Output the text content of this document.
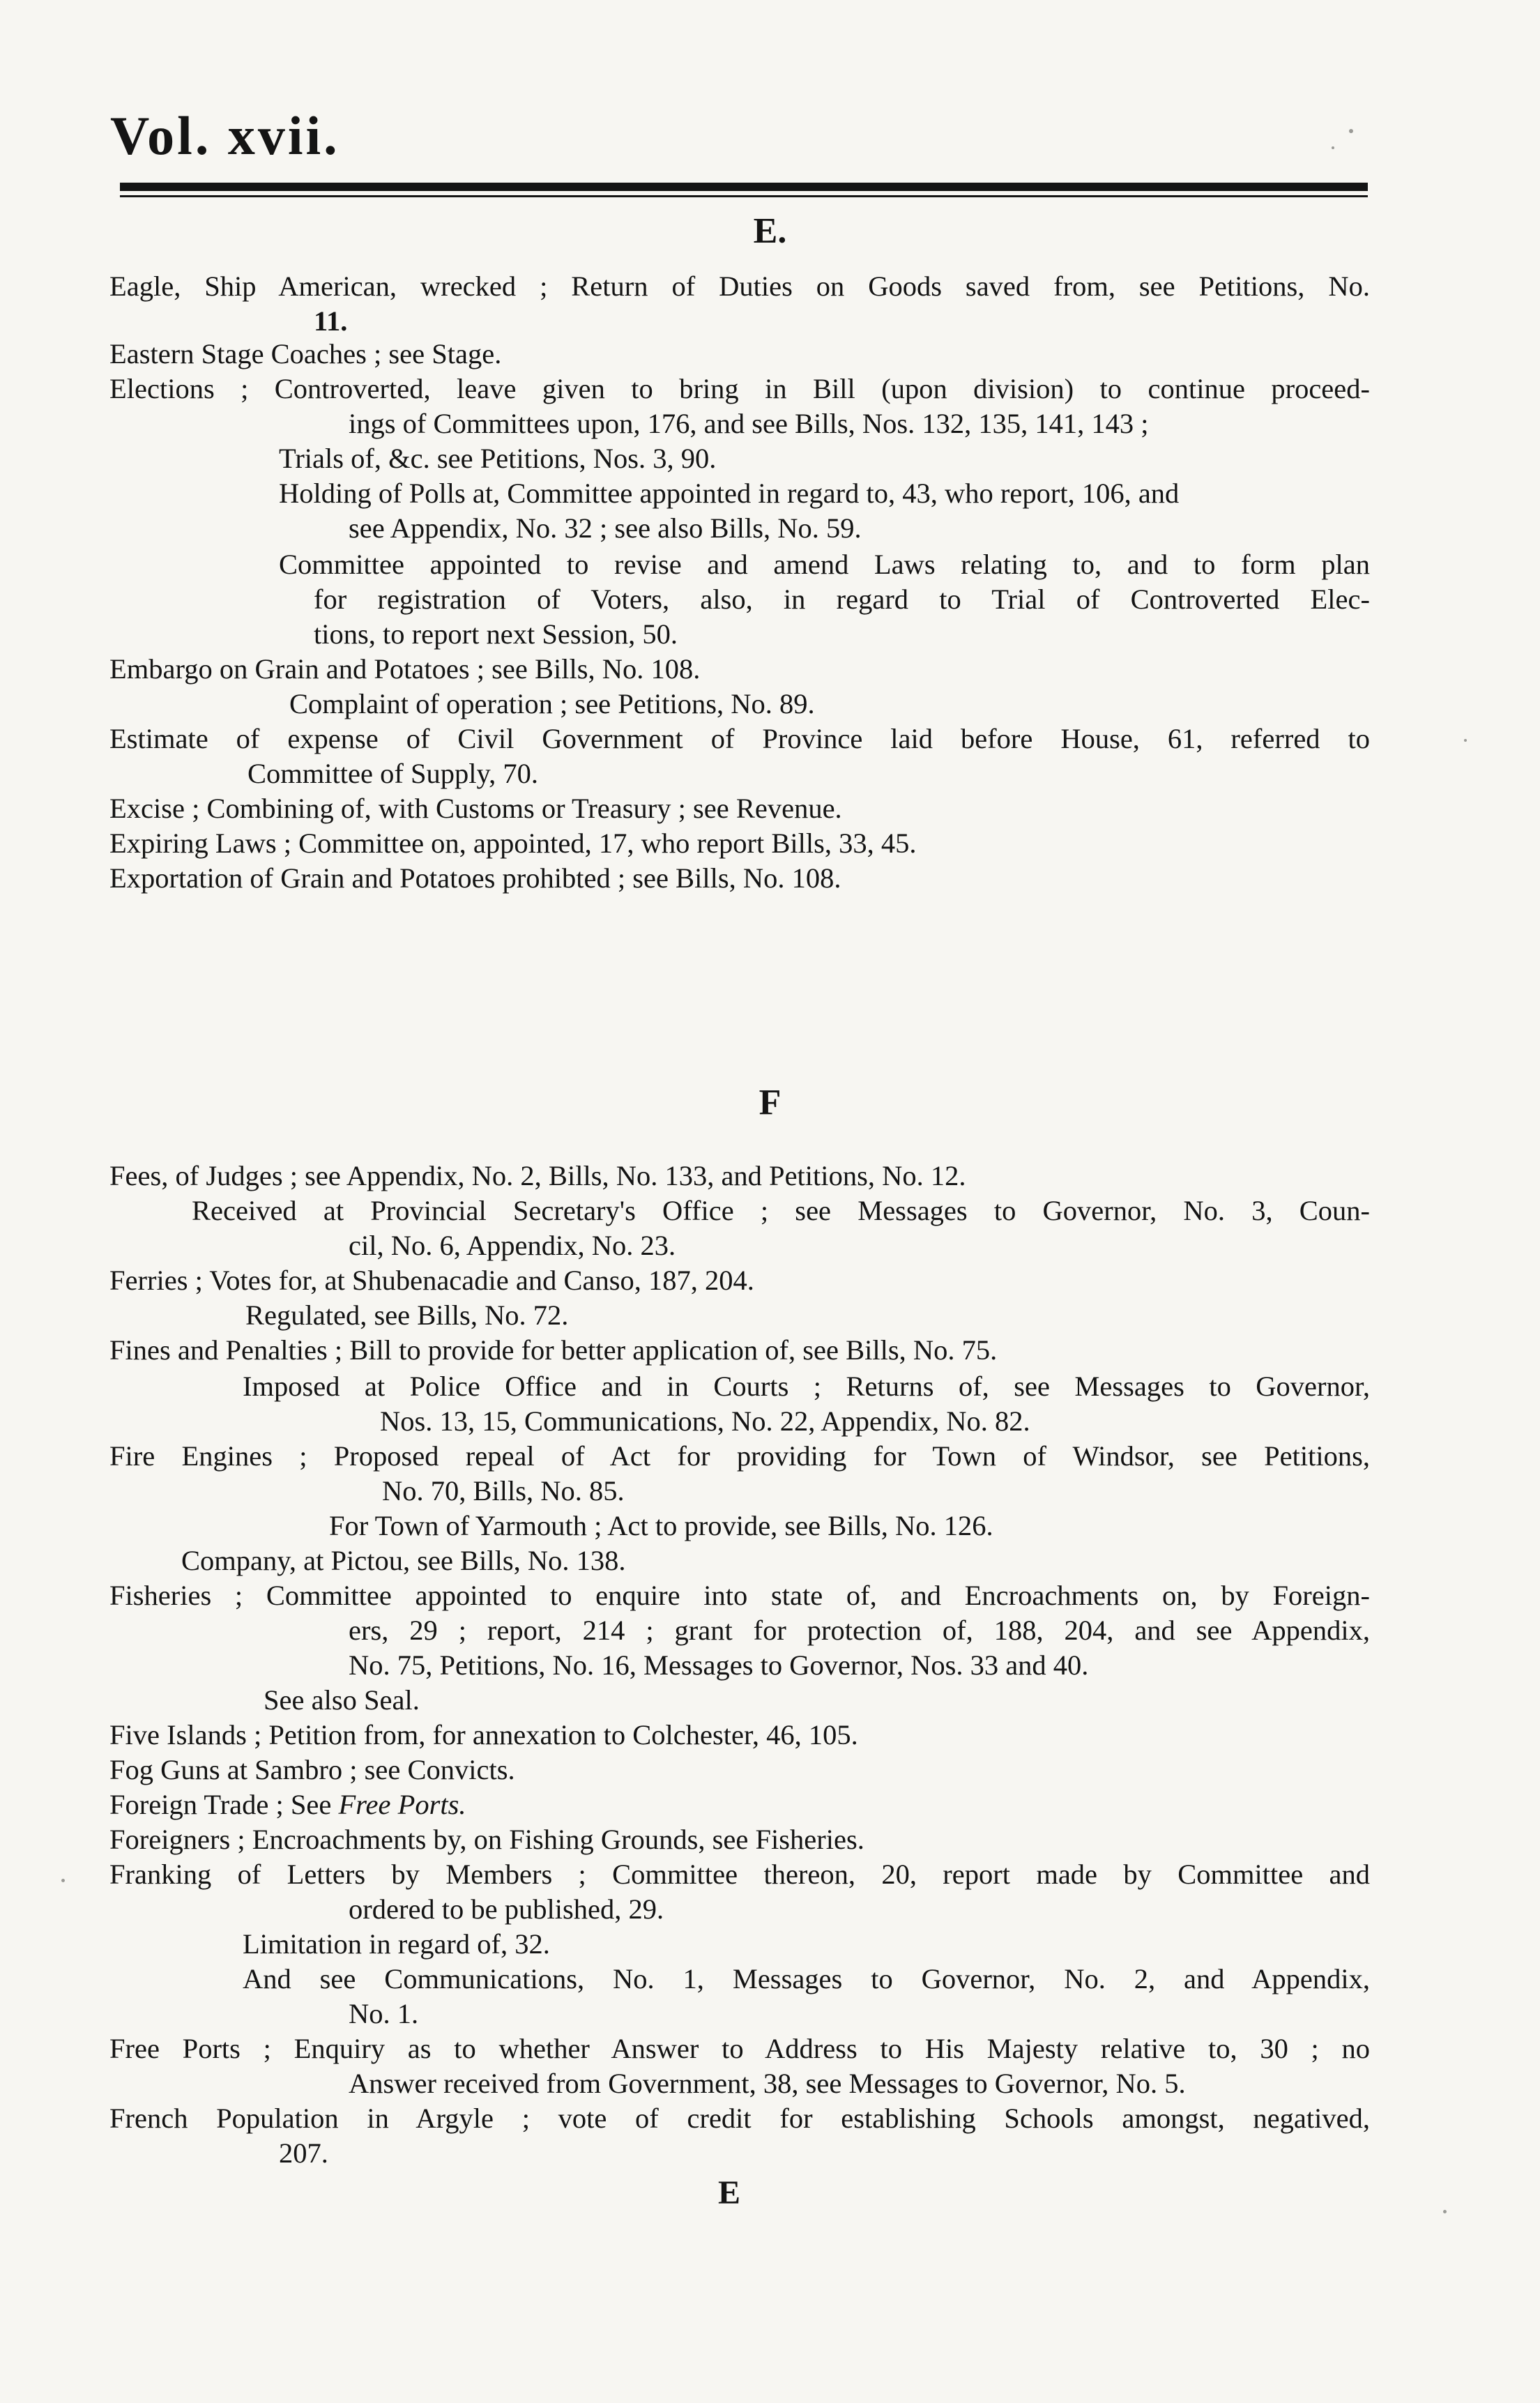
Vol. xvii.
E.
Eagle, Ship American, wrecked ; Return of Duties on Goods saved from, see Petitions, No.
11.
Eastern Stage Coaches ; see Stage.
Elections ; Controverted, leave given to bring in Bill (upon division) to continue proceed-
ings of Committees upon, 176, and see Bills, Nos. 132, 135, 141, 143 ;
Trials of, &c. see Petitions, Nos. 3, 90.
Holding of Polls at, Committee appointed in regard to, 43, who report, 106, and
see Appendix, No. 32 ; see also Bills, No. 59.
Committee appointed to revise and amend Laws relating to, and to form plan
for registration of Voters, also, in regard to Trial of Controverted Elec-
tions, to report next Session, 50.
Embargo on Grain and Potatoes ; see Bills, No. 108.
Complaint of operation ; see Petitions, No. 89.
Estimate of expense of Civil Government of Province laid before House, 61, referred to
Committee of Supply, 70.
Excise ; Combining of, with Customs or Treasury ; see Revenue.
Expiring Laws ; Committee on, appointed, 17, who report Bills, 33, 45.
Exportation of Grain and Potatoes prohibted ; see Bills, No. 108.
F
Fees, of Judges ; see Appendix, No. 2, Bills, No. 133, and Petitions, No. 12.
Received at Provincial Secretary's Office ; see Messages to Governor, No. 3, Coun-
cil, No. 6, Appendix, No. 23.
Ferries ; Votes for, at Shubenacadie and Canso, 187, 204.
Regulated, see Bills, No. 72.
Fines and Penalties ; Bill to provide for better application of, see Bills, No. 75.
Imposed at Police Office and in Courts ; Returns of, see Messages to Governor,
Nos. 13, 15, Communications, No. 22, Appendix, No. 82.
Fire Engines ; Proposed repeal of Act for providing for Town of Windsor, see Petitions,
No. 70, Bills, No. 85.
For Town of Yarmouth ; Act to provide, see Bills, No. 126.
Company, at Pictou, see Bills, No. 138.
Fisheries ; Committee appointed to enquire into state of, and Encroachments on, by Foreign-
ers, 29 ; report, 214 ; grant for protection of, 188, 204, and see Appendix,
No. 75, Petitions, No. 16, Messages to Governor, Nos. 33 and 40.
See also Seal.
Five Islands ; Petition from, for annexation to Colchester, 46, 105.
Fog Guns at Sambro ; see Convicts.
Foreign Trade ; See Free Ports.
Foreigners ; Encroachments by, on Fishing Grounds, see Fisheries.
Franking of Letters by Members ; Committee thereon, 20, report made by Committee and
ordered to be published, 29.
Limitation in regard of, 32.
And see Communications, No. 1, Messages to Governor, No. 2, and Appendix,
No. 1.
Free Ports ; Enquiry as to whether Answer to Address to His Majesty relative to, 30 ; no
Answer received from Government, 38, see Messages to Governor, No. 5.
French Population in Argyle ; vote of credit for establishing Schools amongst, negatived,
207.
E
